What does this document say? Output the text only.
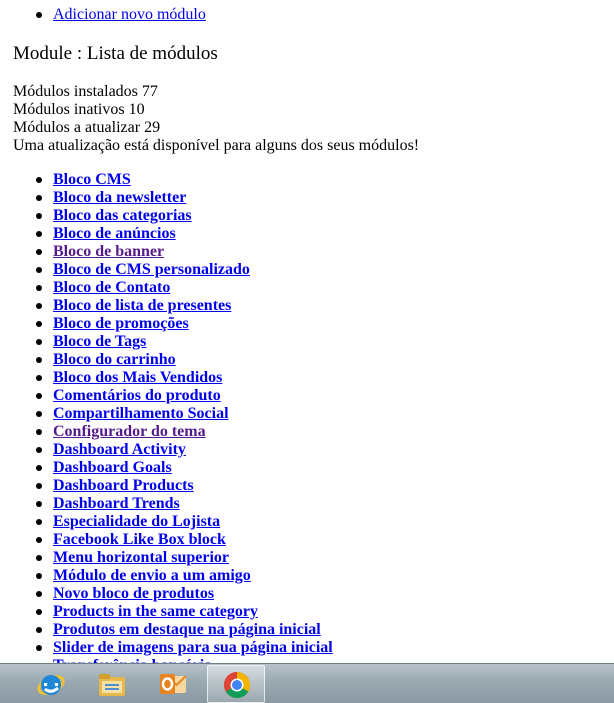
Adicionar novo módulo
Module : Lista de módulos
Módulos instalados 77
Módulos inativos 10
Módulos a atualizar 29
Uma atualização está disponível para alguns dos seus módulos!
Bloco CMS
Bloco da newsletter
Bloco das categorias
Bloco de anúncios
Bloco de banner
Bloco de CMS personalizado
Bloco de Contato
Bloco de lista de presentes
Bloco de promoções
Bloco de Tags
Bloco do carrinho
Bloco dos Mais Vendidos
Comentários do produto
Compartilhamento Social
Configurador do tema
Dashboard Activity
Dashboard Goals
Dashboard Products
Dashboard Trends
Especialidade do Lojista
Facebook Like Box block
Menu horizontal superior
Módulo de envio a um amigo
Novo bloco de produtos
Products in the same category
Produtos em destaque na página inicial
Slider de imagens para sua página inicial
